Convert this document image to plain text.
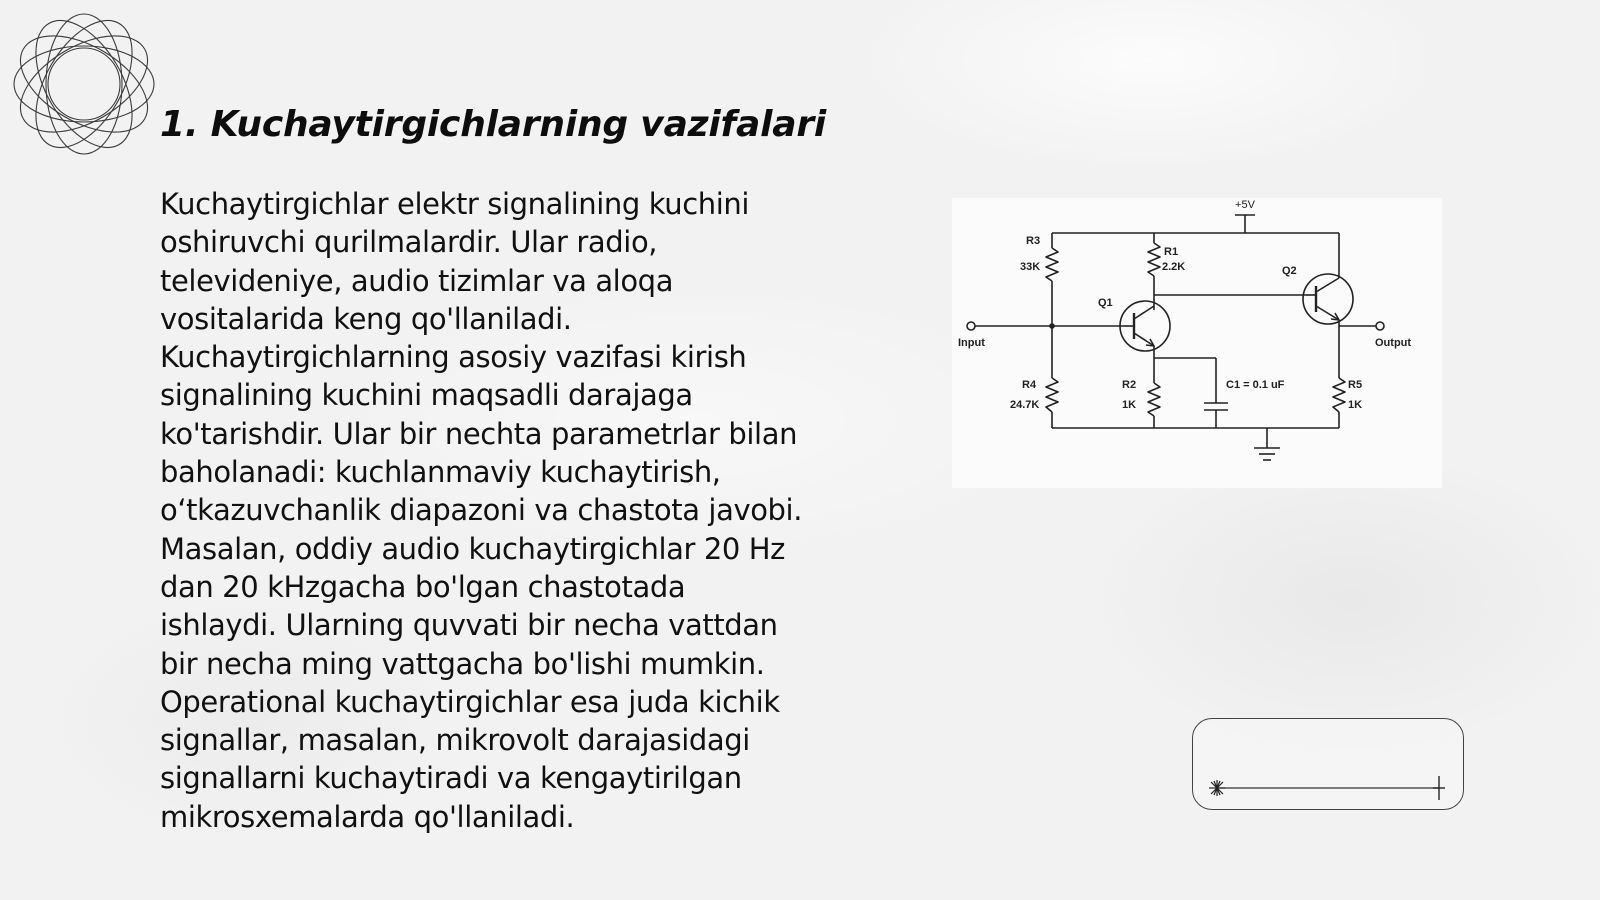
1. Kuchaytirgichlarning vazifalari

Kuchaytirgichlar elektr signalining kuchini
oshiruvchi qurilmalardir. Ular radio,
televideniye, audio tizimlar va aloqa
vositalarida keng qo'llaniladi.
Kuchaytirgichlarning asosiy vazifasi kirish
signalining kuchini maqsadli darajaga
ko'tarishdir. Ular bir nechta parametrlar bilan
baholanadi: kuchlanmaviy kuchaytirish,
o‘tkazuvchanlik diapazoni va chastota javobi.
Masalan, oddiy audio kuchaytirgichlar 20 Hz
dan 20 kHzgacha bo'lgan chastotada
ishlaydi. Ularning quvvati bir necha vattdan
bir necha ming vattgacha bo'lishi mumkin.
Operational kuchaytirgichlar esa juda kichik
signallar, masalan, mikrovolt darajasidagi
signallarni kuchaytiradi va kengaytirilgan
mikrosxemalarda qo'llaniladi.

+5V
R3
33K
R1
2.2K	Q2
Q1
Input	Output
R4
24.7K
R2
1K
C1 = 0.1 uF	R5
1K
